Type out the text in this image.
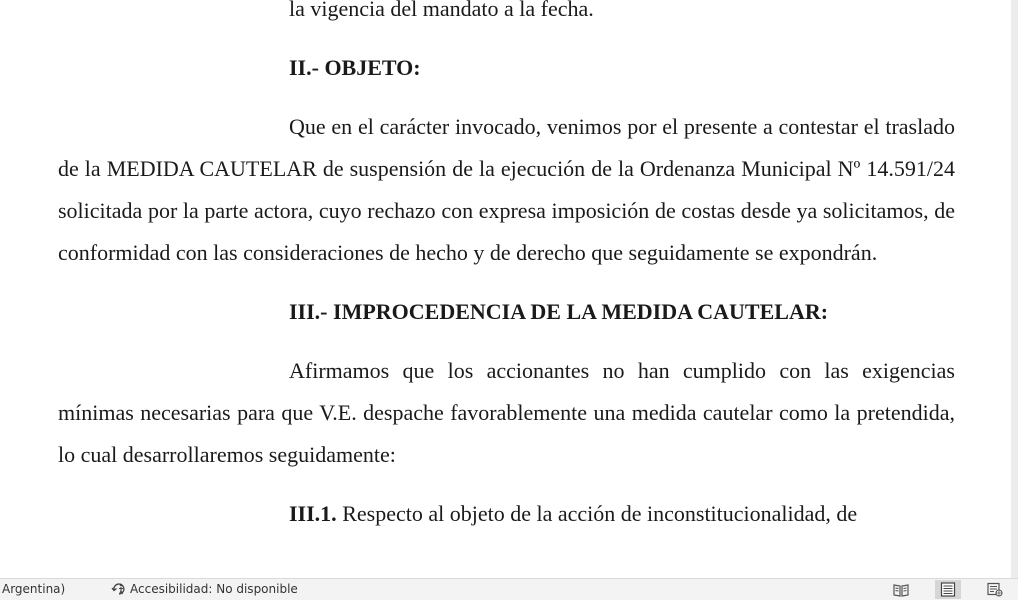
la vigencia del mandato a la fecha.

II.- OBJETO:

Que en el carácter invocado, venimos por el presente a contestar el traslado de la MEDIDA CAUTELAR de suspensión de la ejecución de la Ordenanza Municipal Nº 14.591/24 solicitada por la parte actora, cuyo rechazo con expresa imposición de costas desde ya solicitamos, de conformidad con las consideraciones de hecho y de derecho que seguidamente se expondrán.

III.- IMPROCEDENCIA DE LA MEDIDA CAUTELAR:

Afirmamos que los accionantes no han cumplido con las exigencias mínimas necesarias para que V.E. despache favorablemente una medida cautelar como la pretendida, lo cual desarrollaremos seguidamente:

III.1. Respecto al objeto de la acción de inconstitucionalidad, de

Argentina)	Accesibilidad: No disponible
